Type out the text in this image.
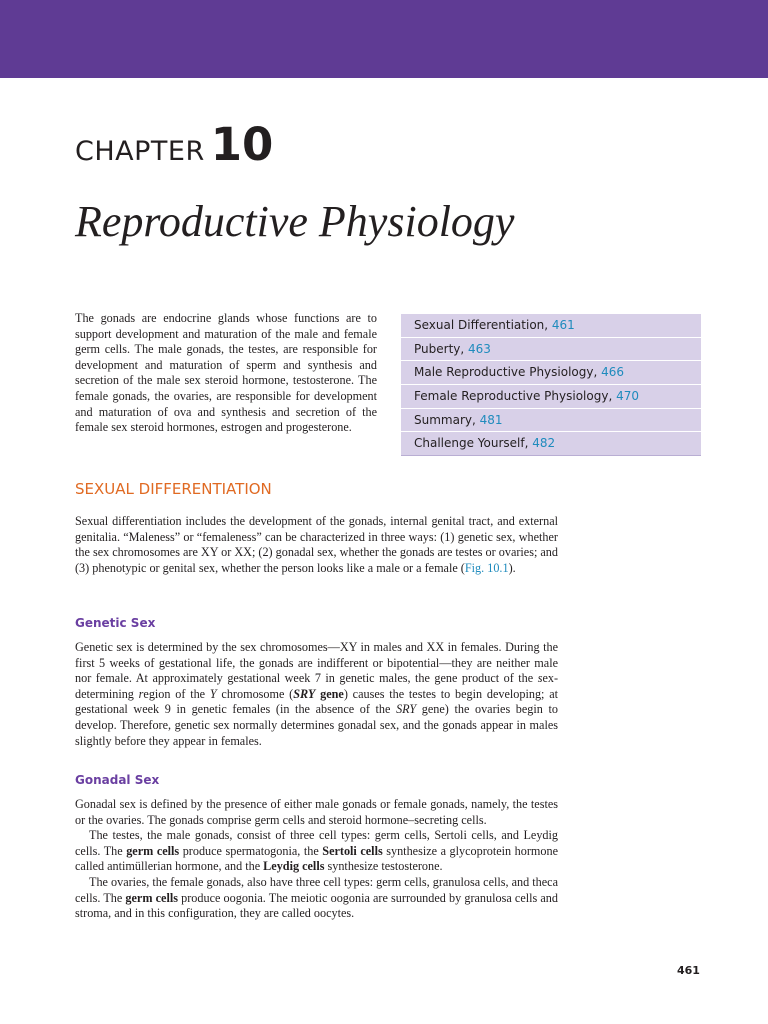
CHAPTER 10
Reproductive Physiology
The gonads are endocrine glands whose functions are to support development and maturation of the male and female germ cells. The male gonads, the testes, are responsible for development and maturation of sperm and synthesis and secretion of the male sex steroid hormone, testosterone. The female gonads, the ovaries, are responsible for development and maturation of ova and synthesis and secretion of the female sex steroid hormones, estrogen and progesterone.
Sexual Differentiation, 461
Puberty, 463
Male Reproductive Physiology, 466
Female Reproductive Physiology, 470
Summary, 481
Challenge Yourself, 482
SEXUAL DIFFERENTIATION
Sexual differentiation includes the development of the gonads, internal genital tract, and external genitalia. “Maleness” or “femaleness” can be characterized in three ways: (1) genetic sex, whether the sex chromosomes are XY or XX; (2) gonadal sex, whether the gonads are testes or ovaries; and (3) phenotypic or genital sex, whether the person looks like a male or a female (Fig. 10.1).
Genetic Sex
Genetic sex is determined by the sex chromosomes—XY in males and XX in females. During the first 5 weeks of gestational life, the gonads are indifferent or bipotential—they are neither male nor female. At approximately gestational week 7 in genetic males, the gene product of the sex-determining region of the Y chromosome (SRY gene) causes the testes to begin developing; at gestational week 9 in genetic females (in the absence of the SRY gene) the ovaries begin to develop. Therefore, genetic sex normally determines gonadal sex, and the gonads appear in males slightly before they appear in females.
Gonadal Sex

Gonadal sex is defined by the presence of either male gonads or female gonads, namely, the testes or the ovaries. The gonads comprise germ cells and steroid hormone–secreting cells.

The testes, the male gonads, consist of three cell types: germ cells, Sertoli cells, and Leydig cells. The germ cells produce spermatogonia, the Sertoli cells synthesize a glycoprotein hormone called antimüllerian hormone, and the Leydig cells synthesize testosterone.

The ovaries, the female gonads, also have three cell types: germ cells, granulosa cells, and theca cells. The germ cells produce oogonia. The meiotic oogonia are surrounded by granulosa cells and stroma, and in this configuration, they are called oocytes.

461
